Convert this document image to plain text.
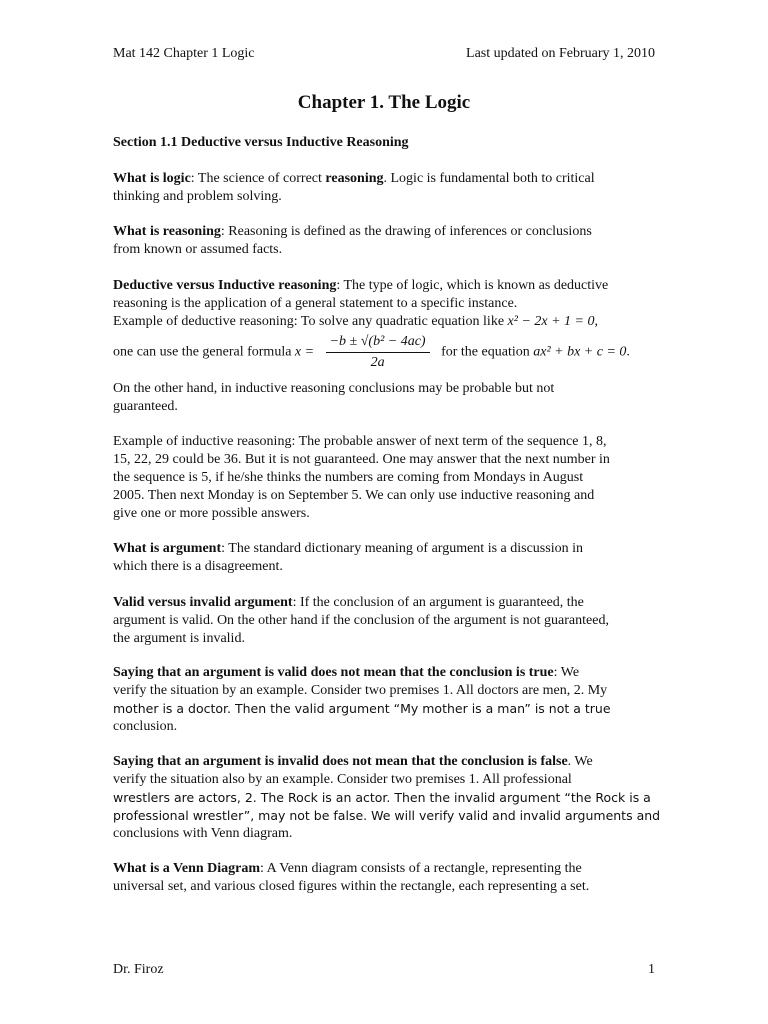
Mat 142 Chapter 1 Logic	Last updated on February 1, 2010
Chapter 1. The Logic
Section 1.1 Deductive versus Inductive Reasoning
What is logic: The science of correct reasoning. Logic is fundamental both to critical
thinking and problem solving.
What is reasoning: Reasoning is defined as the drawing of inferences or conclusions
from known or assumed facts.
Deductive versus Inductive reasoning: The type of logic, which is known as deductive
reasoning is the application of a general statement to a specific instance.
Example of deductive reasoning: To solve any quadratic equation like x² − 2x + 1 = 0,
one can use the general formula $x = \frac{\text{−b ± √(b² − 4ac)}}{2a}$ for the equation ax² + bx + c = 0.
On the other hand, in inductive reasoning conclusions may be probable but not
guaranteed.
Example of inductive reasoning: The probable answer of next term of the sequence 1, 8,
15, 22, 29 could be 36. But it is not guaranteed. One may answer that the next number in
the sequence is 5, if he/she thinks the numbers are coming from Mondays in August
2005. Then next Monday is on September 5. We can only use inductive reasoning and
give one or more possible answers.
What is argument: The standard dictionary meaning of argument is a discussion in
which there is a disagreement.
Valid versus invalid argument: If the conclusion of an argument is guaranteed, the
argument is valid. On the other hand if the conclusion of the argument is not guaranteed,
the argument is invalid.
Saying that an argument is valid does not mean that the conclusion is true: We
verify the situation by an example. Consider two premises 1. All doctors are men, 2. My
mother is a doctor. Then the valid argument “My mother is a man” is not a true
conclusion.
Saying that an argument is invalid does not mean that the conclusion is false. We
verify the situation also by an example. Consider two premises 1. All professional
wrestlers are actors, 2. The Rock is an actor. Then the invalid argument “the Rock is a
professional wrestler”, may not be false. We will verify valid and invalid arguments and
conclusions with Venn diagram.
What is a Venn Diagram: A Venn diagram consists of a rectangle, representing the
universal set, and various closed figures within the rectangle, each representing a set.
Dr. Firoz	1
